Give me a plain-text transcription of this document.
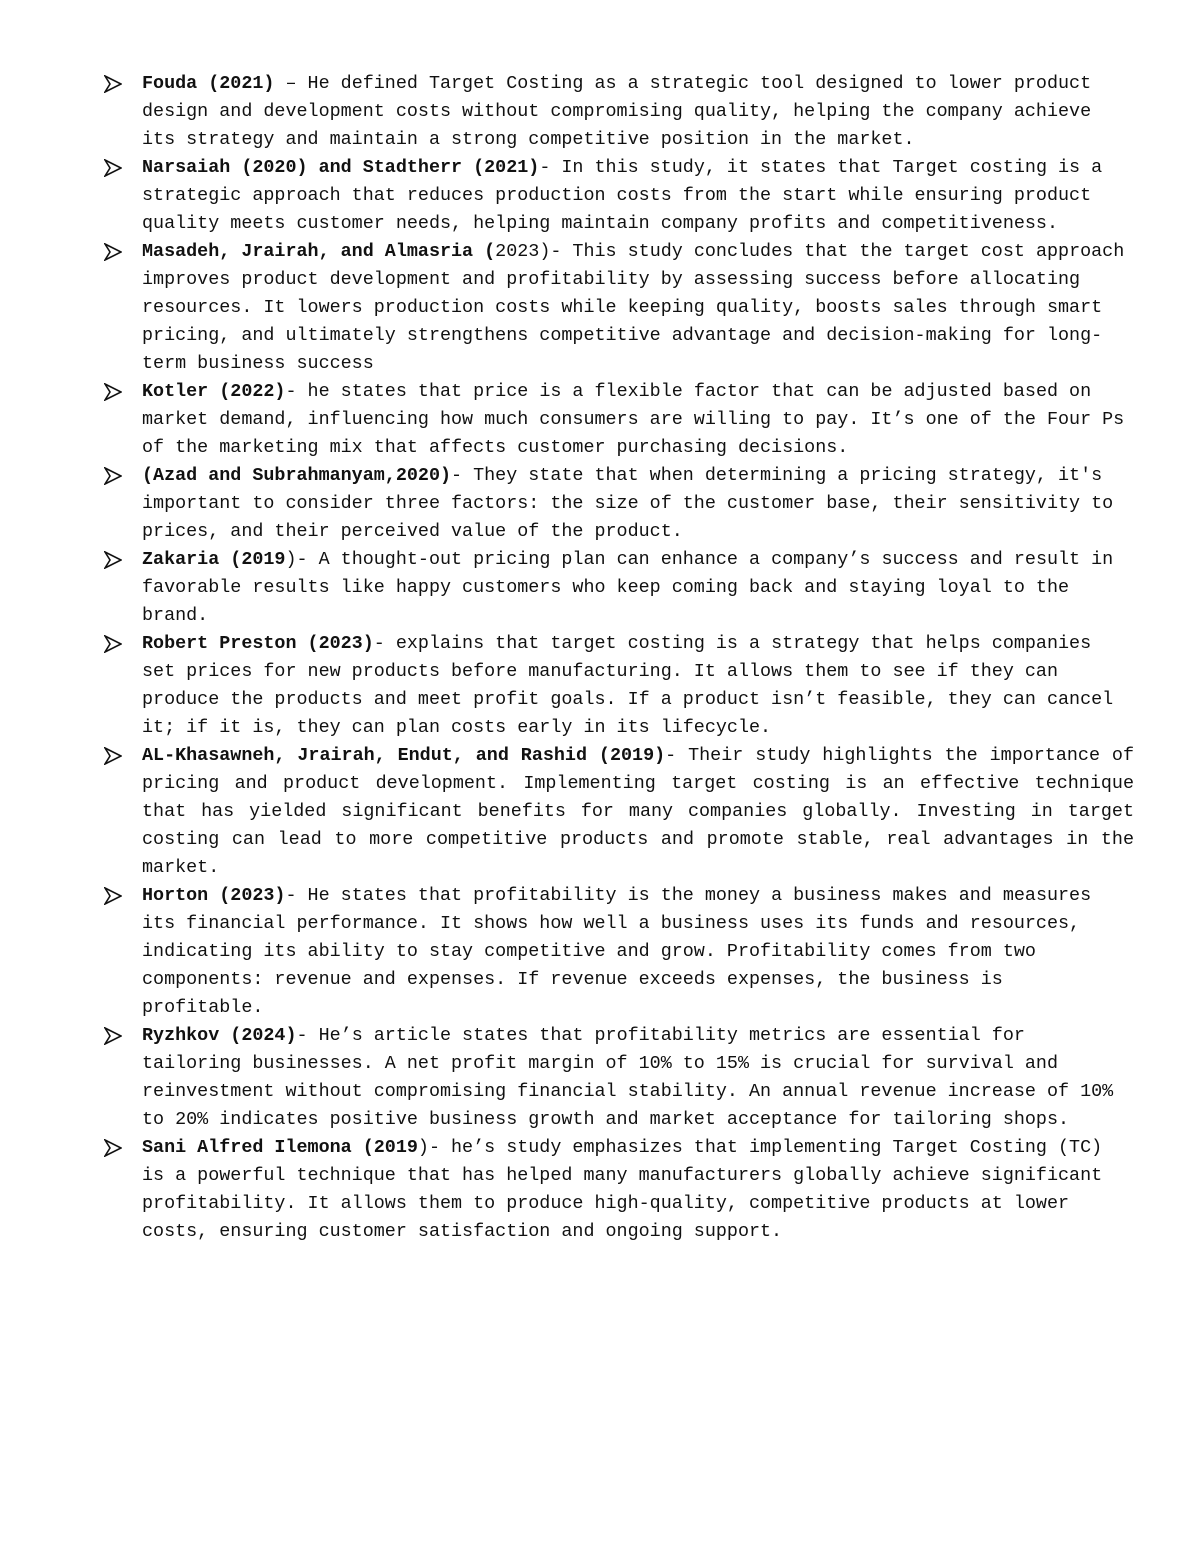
Fouda (2021) – He defined Target Costing as a strategic tool designed to lower product design and development costs without compromising quality, helping the company achieve its strategy and maintain a strong competitive position in the market.
Narsaiah (2020) and Stadtherr (2021)- In this study, it states that Target costing is a strategic approach that reduces production costs from the start while ensuring product quality meets customer needs, helping maintain company profits and competitiveness.
Masadeh, Jrairah, and Almasria (2023)- This study concludes that the target cost approach improves product development and profitability by assessing success before allocating resources. It lowers production costs while keeping quality, boosts sales through smart pricing, and ultimately strengthens competitive advantage and decision-making for long-term business success
Kotler (2022)- he states that price is a flexible factor that can be adjusted based on market demand, influencing how much consumers are willing to pay. It’s one of the Four Ps of the marketing mix that affects customer purchasing decisions.
(Azad and Subrahmanyam,2020)- They state that when determining a pricing strategy, it's important to consider three factors: the size of the customer base, their sensitivity to prices, and their perceived value of the product.
Zakaria (2019)- A thought-out pricing plan can enhance a company’s success and result in favorable results like happy customers who keep coming back and staying loyal to the brand.
Robert Preston (2023)- explains that target costing is a strategy that helps companies set prices for new products before manufacturing. It allows them to see if they can produce the products and meet profit goals. If a product isn’t feasible, they can cancel it; if it is, they can plan costs early in its lifecycle.
AL-Khasawneh, Jrairah, Endut, and Rashid (2019)- Their study highlights the importance of pricing and product development. Implementing target costing is an effective technique that has yielded significant benefits for many companies globally. Investing in target costing can lead to more competitive products and promote stable, real advantages in the market.
Horton (2023)- He states that profitability is the money a business makes and measures its financial performance. It shows how well a business uses its funds and resources, indicating its ability to stay competitive and grow. Profitability comes from two components: revenue and expenses. If revenue exceeds expenses, the business is profitable.
Ryzhkov (2024)- He’s article states that profitability metrics are essential for tailoring businesses. A net profit margin of 10% to 15% is crucial for survival and reinvestment without compromising financial stability. An annual revenue increase of 10% to 20% indicates positive business growth and market acceptance for tailoring shops.
Sani Alfred Ilemona (2019)- he’s study emphasizes that implementing Target Costing (TC) is a powerful technique that has helped many manufacturers globally achieve significant profitability. It allows them to produce high-quality, competitive products at lower costs, ensuring customer satisfaction and ongoing support.
